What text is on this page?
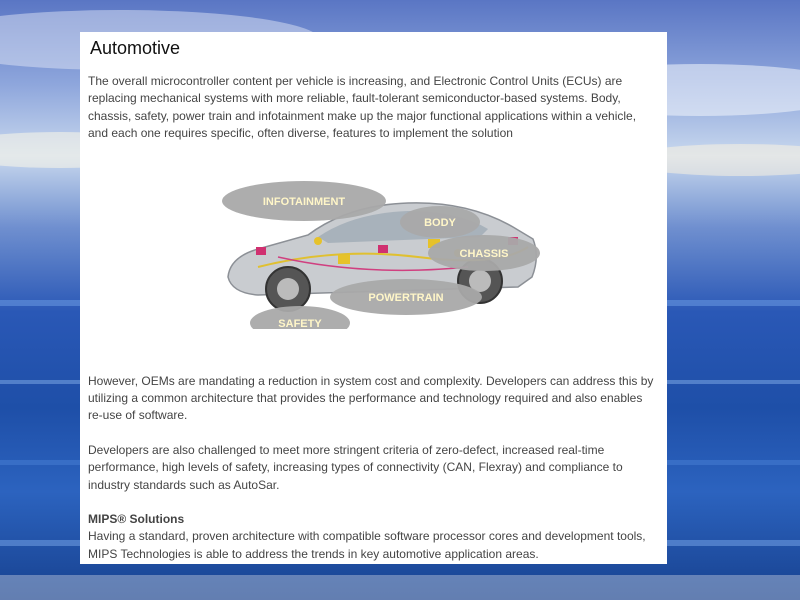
Automotive

The overall microcontroller content per vehicle is increasing, and Electronic Control Units (ECUs) are replacing mechanical systems with more reliable, fault-tolerant semiconductor-based systems. Body, chassis, safety, power train and infotainment make up the major functional applications within a vehicle, and each one requires specific, often diverse, features to implement the solution

INFOTAINMENT
BODY
CHASSIS
POWERTRAIN
SAFETY

However, OEMs are mandating a reduction in system cost and complexity. Developers can address this by utilizing a common architecture that provides the performance and technology required and also enables re-use of software.

Developers are also challenged to meet more stringent criteria of zero-defect, increased real-time performance, high levels of safety, increasing types of connectivity (CAN, Flexray) and compliance to industry standards such as AutoSar.

MIPS® Solutions

Having a standard, proven architecture with compatible software processor cores and development tools, MIPS Technologies is able to address the trends in key automotive application areas.
